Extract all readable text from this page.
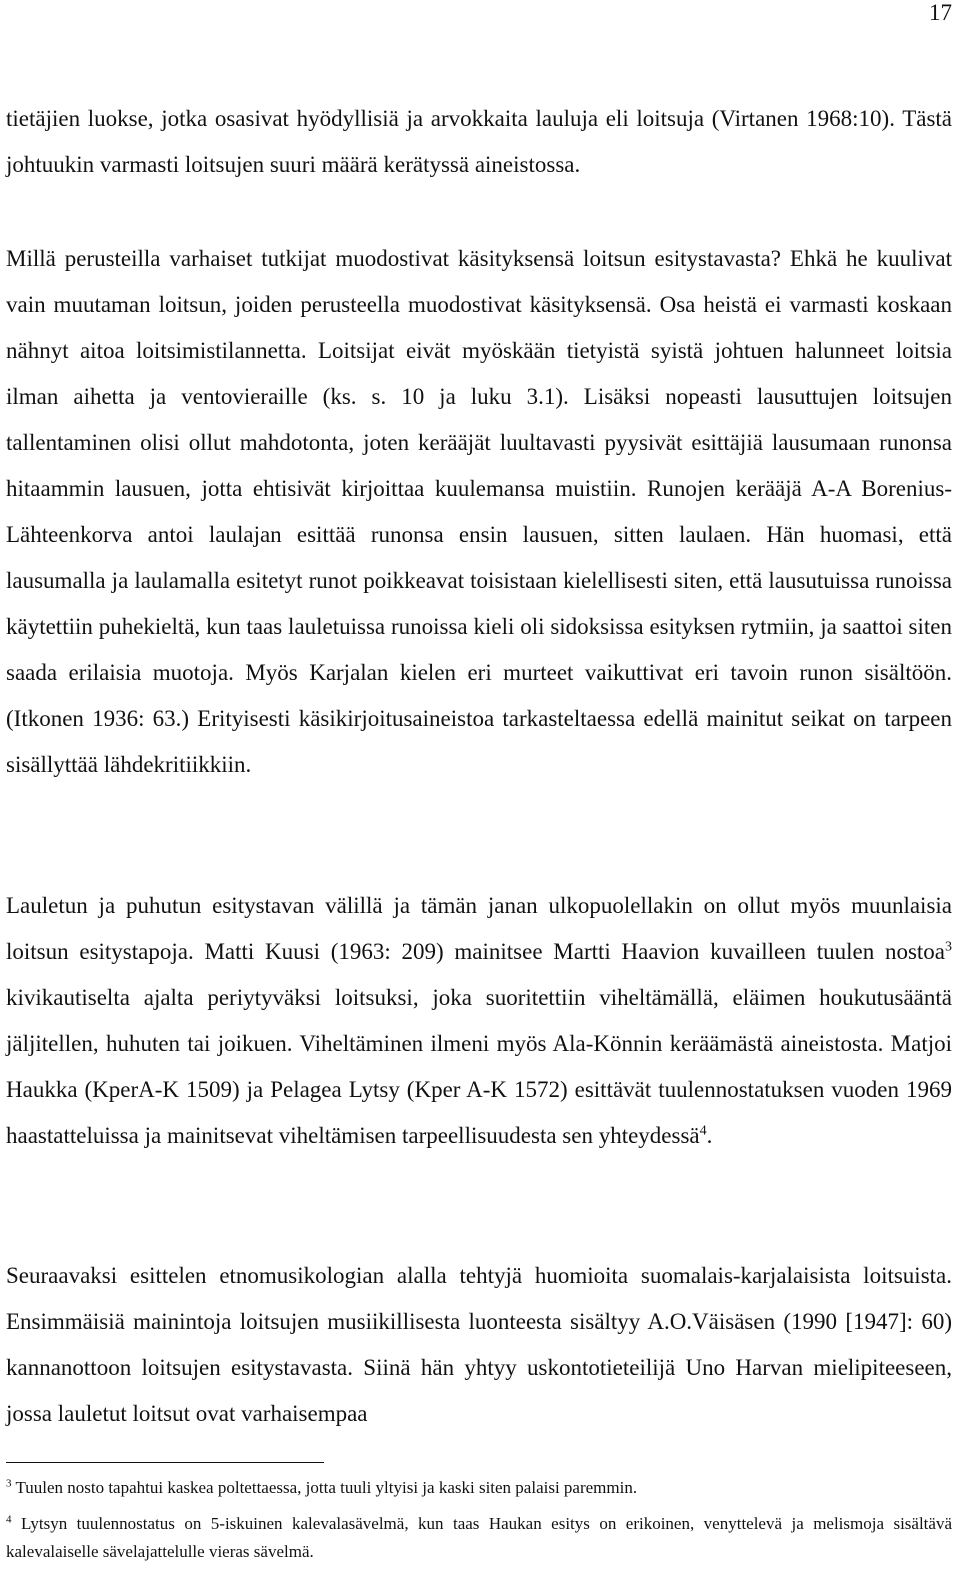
17

tietäjien luokse, jotka osasivat hyödyllisiä ja arvokkaita lauluja eli loitsuja (Virtanen 1968:10). Tästä johtuukin varmasti loitsujen suuri määrä kerätyssä aineistossa.

Millä perusteilla varhaiset tutkijat muodostivat käsityksensä loitsun esitystavasta? Ehkä he kuulivat vain muutaman loitsun, joiden perusteella muodostivat käsityksensä. Osa heistä ei varmasti koskaan nähnyt aitoa loitsimistilannetta. Loitsijat eivät myöskään tietyistä syistä johtuen halunneet loitsia ilman aihetta ja ventovieraille (ks. s. 10 ja luku 3.1). Lisäksi nopeasti lausuttujen loitsujen tallentaminen olisi ollut mahdotonta, joten kerääjät luultavasti pyysivät esittäjiä lausumaan runonsa hitaammin lausuen, jotta ehtisivät kirjoittaa kuulemansa muistiin. Runojen kerääjä A-A Borenius-Lähteenkorva antoi laulajan esittää runonsa ensin lausuen, sitten laulaen. Hän huomasi, että lausumalla ja laulamalla esitetyt runot poikkeavat toisistaan kielellisesti siten, että lausutuissa runoissa käytettiin puhekieltä, kun taas lauletuissa runoissa kieli oli sidoksissa esityksen rytmiin, ja saattoi siten saada erilaisia muotoja. Myös Karjalan kielen eri murteet vaikuttivat eri tavoin runon sisältöön. (Itkonen 1936: 63.) Erityisesti käsikirjoitusaineistoa tarkasteltaessa edellä mainitut seikat on tarpeen sisällyttää lähdekritiikkiin.

Lauletun ja puhutun esitystavan välillä ja tämän janan ulkopuolellakin on ollut myös muunlaisia loitsun esitystapoja. Matti Kuusi (1963: 209) mainitsee Martti Haavion kuvailleen tuulen nostoa$^3$ kivikautiselta ajalta periytyväksi loitsuksi, joka suoritettiin viheltämällä, eläimen houkutusääntä jäljitellen, huhuten tai joikuen. Viheltäminen ilmeni myös Ala-Könnin keräämästä aineistosta. Matjoi Haukka (KperA-K 1509) ja Pelagea Lytsy (Kper A-K 1572) esittävät tuulennostatuksen vuoden 1969 haastatteluissa ja mainitsevat viheltämisen tarpeellisuudesta sen yhteydessä$^4$.

Seuraavaksi esittelen etnomusikologian alalla tehtyjä huomioita suomalais-karjalaisista loitsuista. Ensimmäisiä mainintoja loitsujen musiikillisesta luonteesta sisältyy A.O.Väisäsen (1990 [1947]: 60) kannanottoon loitsujen esitystavasta. Siinä hän yhtyy uskontotieteilijä Uno Harvan mielipiteeseen, jossa lauletut loitsut ovat varhaisempaa

$^3$ Tuulen nosto tapahtui kaskea poltettaessa, jotta tuuli yltyisi ja kaski siten palaisi paremmin.

$^4$ Lytsyn tuulennostatus on 5-iskuinen kalevalasävelmä, kun taas Haukan esitys on erikoinen, venyttelevä ja melismoja sisältävä kalevalaiselle sävelajattelulle vieras sävelmä.
